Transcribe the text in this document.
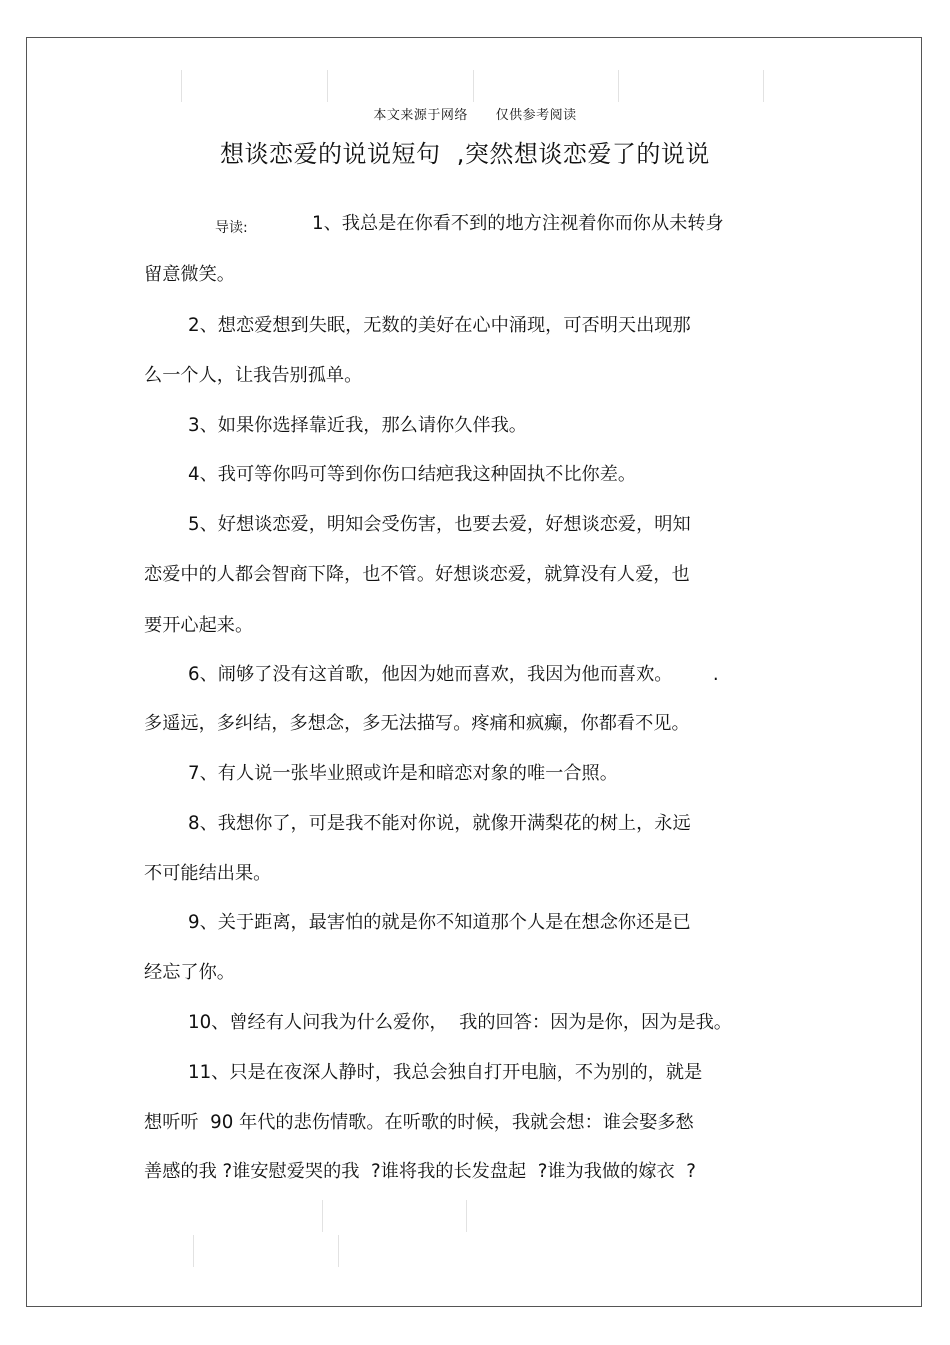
本文来源于网络      仅供参考阅读
想谈恋爱的说说短句  ,突然想谈恋爱了的说说
导读:	1、我总是在你看不到的地方注视着你而你从未转身
留意微笑。
2、想恋爱想到失眠，无数的美好在心中涌现，可否明天出现那
么一个人，让我告别孤单。
3、如果你选择靠近我，那么请你久伴我。
4、我可等你吗可等到你伤口结疤我这种固执不比你差。
5、好想谈恋爱，明知会受伤害，也要去爱，好想谈恋爱，明知
恋爱中的人都会智商下降，也不管。好想谈恋爱，就算没有人爱，也
要开心起来。
6、闹够了没有这首歌，他因为她而喜欢，我因为他而喜欢。       .
多遥远，多纠结，多想念，多无法描写。疼痛和疯癫，你都看不见。
7、有人说一张毕业照或许是和暗恋对象的唯一合照。
8、我想你了，可是我不能对你说，就像开满梨花的树上，永远
不可能结出果。
9、关于距离，最害怕的就是你不知道那个人是在想念你还是已
经忘了你。
10、曾经有人问我为什么爱你，  我的回答：因为是你，因为是我。
11、只是在夜深人静时，我总会独自打开电脑，不为别的，就是
想听听  90 年代的悲伤情歌。在听歌的时候，我就会想：谁会娶多愁
善感的我 ?谁安慰爱哭的我  ?谁将我的长发盘起  ?谁为我做的嫁衣  ?
